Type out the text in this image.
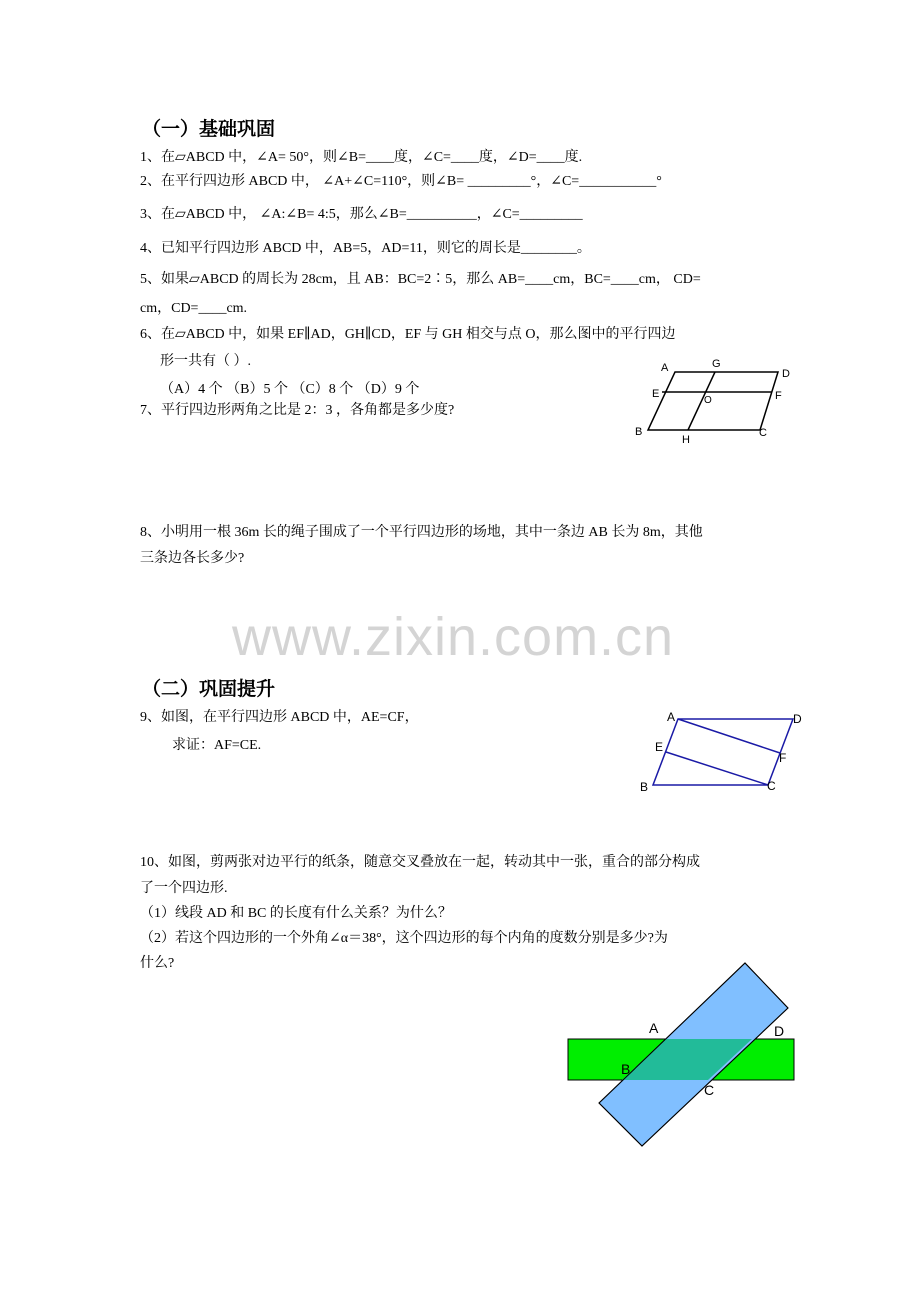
（一）基础巩固
1、在▱ABCD 中，∠A= 50°，则∠B=____度，∠C=____度，∠D=____度.
2、在平行四边形 ABCD 中， ∠A+∠C=110°，则∠B= _________°，∠C=___________°
3、在▱ABCD 中， ∠A:∠B= 4:5，那么∠B=__________，∠C=_________
4、已知平行四边形 ABCD 中，AB=5，AD=11，则它的周长是________。
5、如果▱ABCD 的周长为 28cm，且 AB：BC=2∶5，那么 AB=____cm，BC=____cm， CD=
cm，CD=____cm.
6、在▱ABCD 中，如果 EF∥AD，GH∥CD，EF 与 GH 相交与点 O，那么图中的平行四边
形一共有（ ）.
（A）4 个 （B）5 个 （C）8 个 （D）9 个
7、平行四边形两角之比是 2：3 ，各角都是多少度?
A	G
D
E
O	F
B
H
C
8、小明用一根 36m 长的绳子围成了一个平行四边形的场地，其中一条边 AB 长为 8m，其他
三条边各长多少?
www.zixin.com.cn
（二）巩固提升
9、如图，在平行四边形 ABCD 中，AE=CF，
求证：AF=CE.
A	D
E
F
B	C
10、如图，剪两张对边平行的纸条，随意交叉叠放在一起，转动其中一张，重合的部分构成
了一个四边形.
（1）线段 AD 和 BC 的长度有什么关系？为什么？
（2）若这个四边形的一个外角∠α＝38°，这个四边形的每个内角的度数分别是多少?为
什么?
A	D
B
C
